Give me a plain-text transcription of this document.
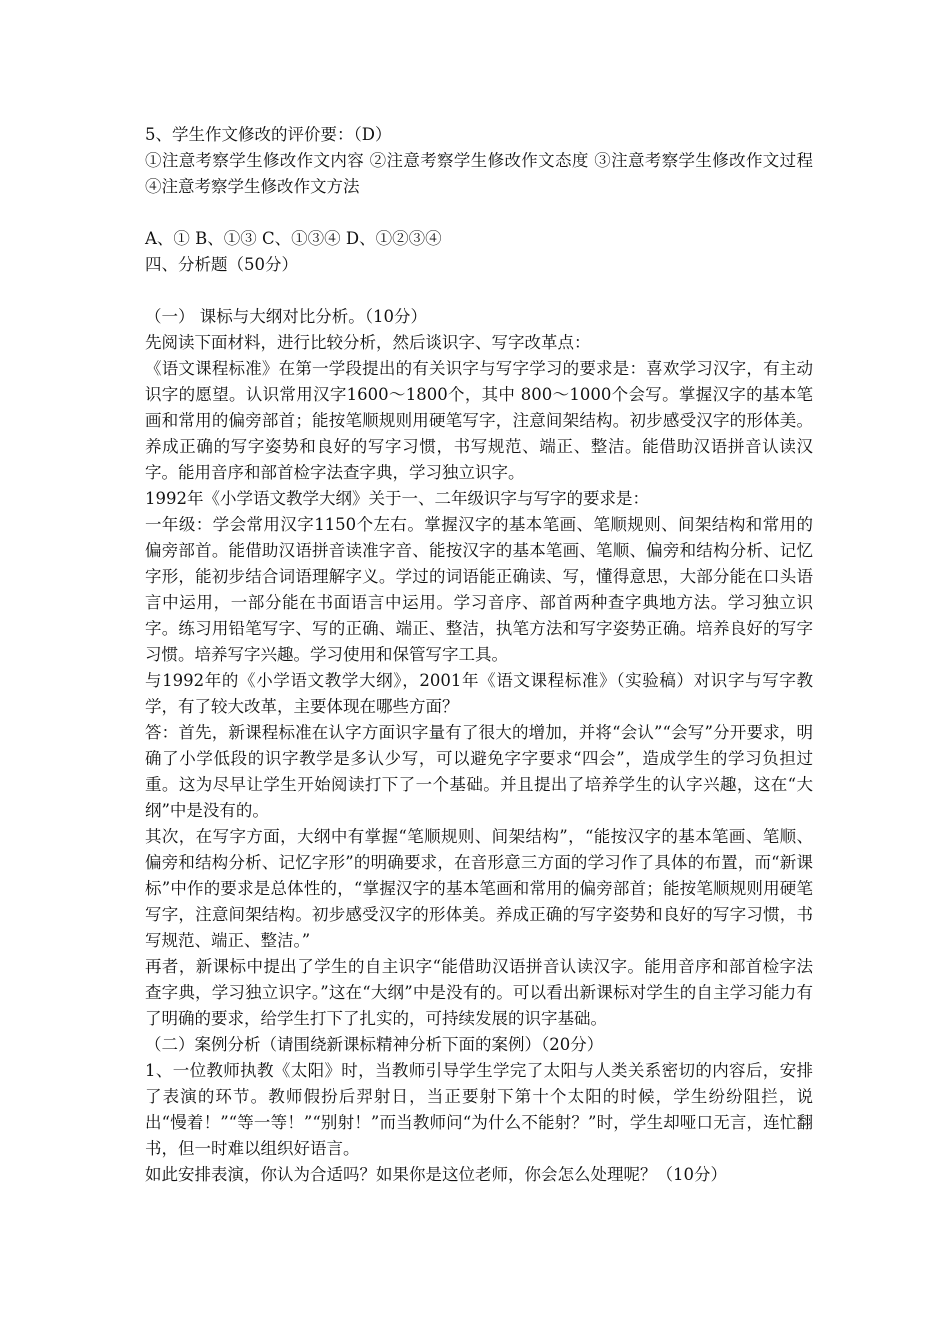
5、学生作文修改的评价要：（D）

①注意考察学生修改作文内容 ②注意考察学生修改作文态度 ③注意考察学生修改作文过程 ④注意考察学生修改作文方法

A、① B、①③ C、①③④ D、①②③④

四、分析题（50分）

（一） 课标与大纲对比分析。（10分）

先阅读下面材料，进行比较分析，然后谈识字、写字改革点：

《语文课程标准》在第一学段提出的有关识字与写字学习的要求是：喜欢学习汉字，有主动识字的愿望。认识常用汉字1600～1800个，其中 800～1000个会写。掌握汉字的基本笔画和常用的偏旁部首；能按笔顺规则用硬笔写字，注意间架结构。初步感受汉字的形体美。养成正确的写字姿势和良好的写字习惯，书写规范、端正、整洁。能借助汉语拼音认读汉字。能用音序和部首检字法查字典，学习独立识字。

1992年《小学语文教学大纲》关于一、二年级识字与写字的要求是：

一年级：学会常用汉字1150个左右。掌握汉字的基本笔画、笔顺规则、间架结构和常用的偏旁部首。能借助汉语拼音读准字音、能按汉字的基本笔画、笔顺、偏旁和结构分析、记忆字形，能初步结合词语理解字义。学过的词语能正确读、写，懂得意思，大部分能在口头语言中运用，一部分能在书面语言中运用。学习音序、部首两种查字典地方法。学习独立识字。练习用铅笔写字、写的正确、端正、整洁，执笔方法和写字姿势正确。培养良好的写字习惯。培养写字兴趣。学习使用和保管写字工具。

与1992年的《小学语文教学大纲》，2001年《语文课程标准》（实验稿）对识字与写字教学，有了较大改革，主要体现在哪些方面？

答：首先，新课程标准在认字方面识字量有了很大的增加，并将“会认”“会写”分开要求，明确了小学低段的识字教学是多认少写，可以避免字字要求“四会”，造成学生的学习负担过重。这为尽早让学生开始阅读打下了一个基础。并且提出了培养学生的认字兴趣，这在“大纲”中是没有的。

其次，在写字方面，大纲中有掌握“笔顺规则、间架结构”，“能按汉字的基本笔画、笔顺、偏旁和结构分析、记忆字形”的明确要求，在音形意三方面的学习作了具体的布置，而“新课标”中作的要求是总体性的，“掌握汉字的基本笔画和常用的偏旁部首；能按笔顺规则用硬笔写字，注意间架结构。初步感受汉字的形体美。养成正确的写字姿势和良好的写字习惯，书写规范、端正、整洁。”

再者，新课标中提出了学生的自主识字“能借助汉语拼音认读汉字。能用音序和部首检字法查字典，学习独立识字。”这在“大纲”中是没有的。可以看出新课标对学生的自主学习能力有了明确的要求，给学生打下了扎实的，可持续发展的识字基础。

（二）案例分析（请围绕新课标精神分析下面的案例）（20分）

1、一位教师执教《太阳》时，当教师引导学生学完了太阳与人类关系密切的内容后，安排了表演的环节。教师假扮后羿射日，当正要射下第十个太阳的时候，学生纷纷阻拦，说出“慢着！”“等一等！”“别射！”而当教师问“为什么不能射？”时，学生却哑口无言，连忙翻书，但一时难以组织好语言。

如此安排表演，你认为合适吗？如果你是这位老师，你会怎么处理呢？（10分）
